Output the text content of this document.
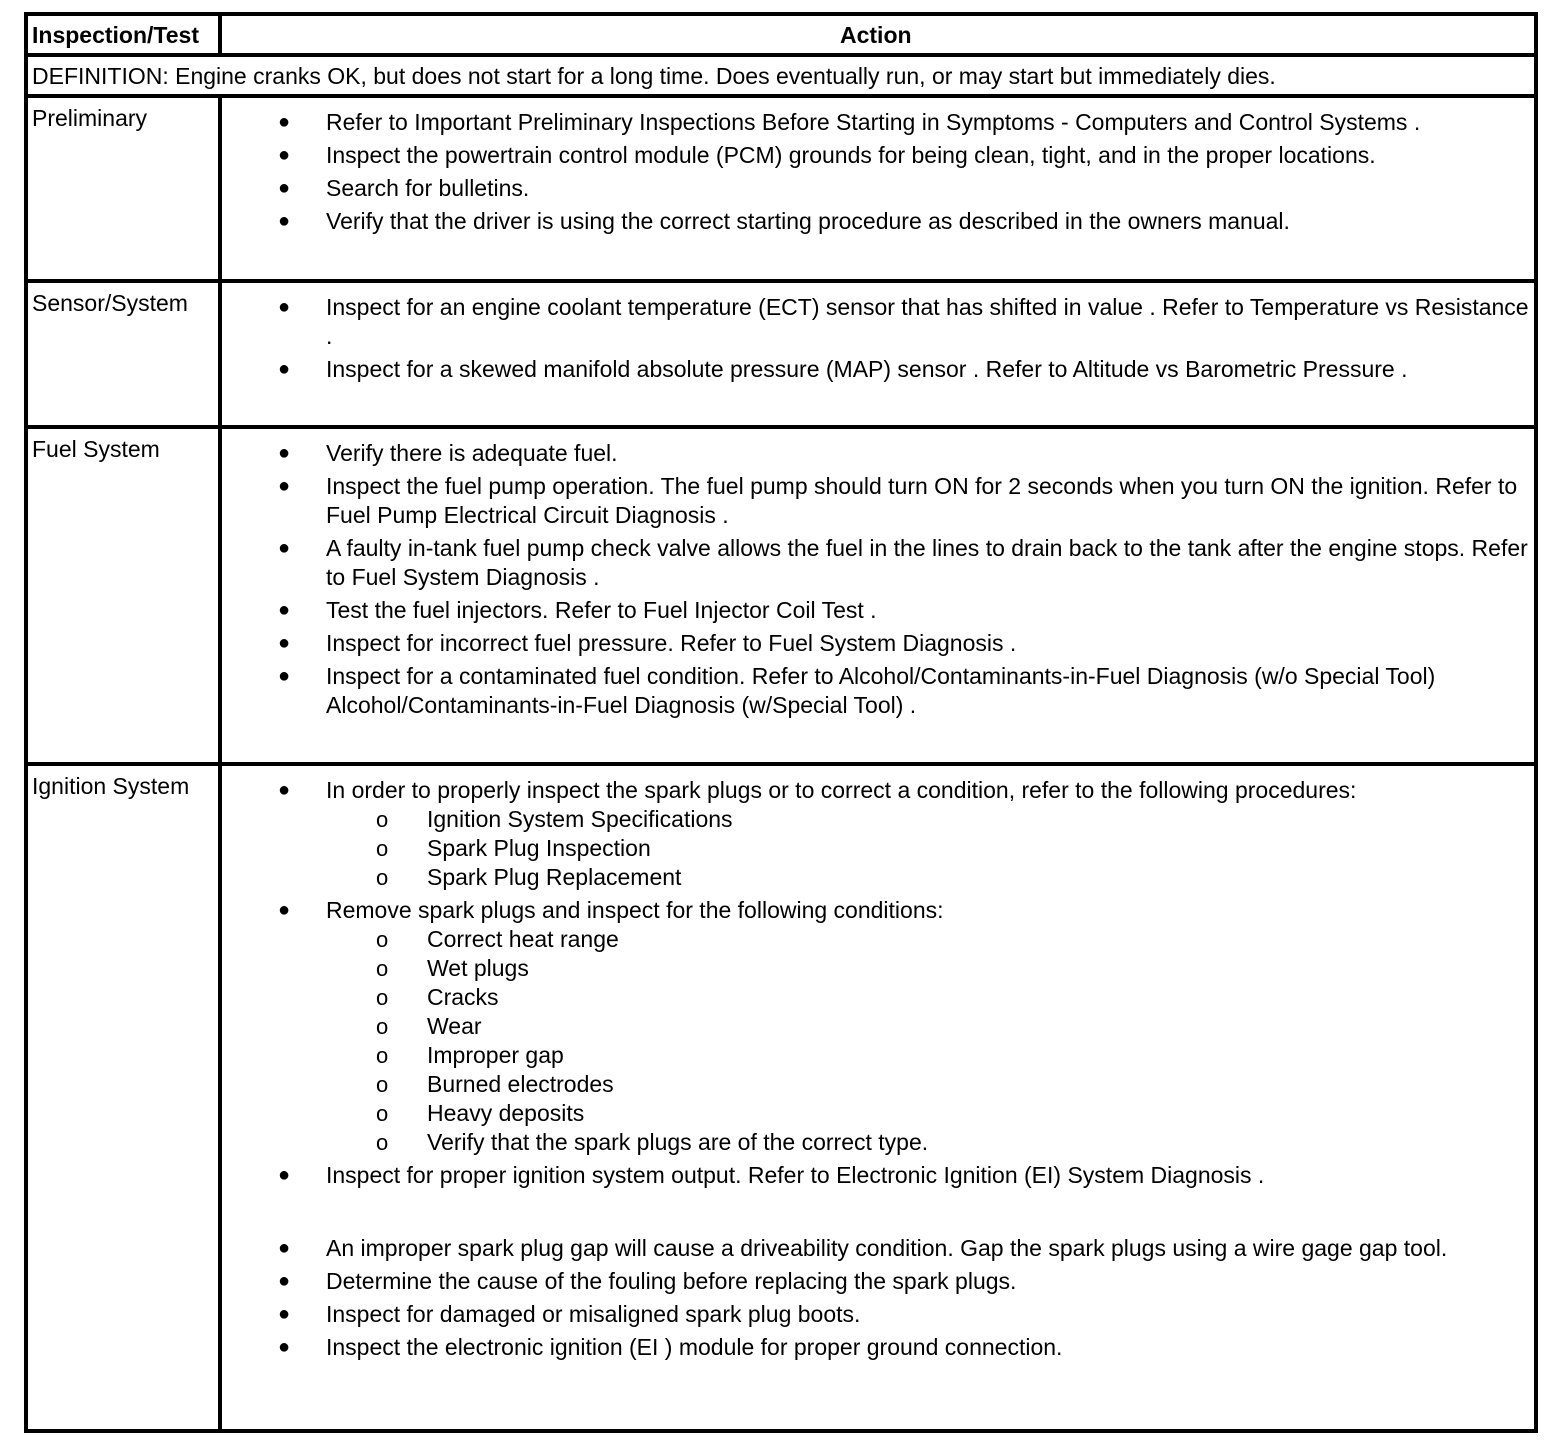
Inspection/Test	Action
DEFINITION: Engine cranks OK, but does not start for a long time. Does eventually run, or may start but immediately dies.
Preliminary	● Refer to Important Preliminary Inspections Before Starting in Symptoms - Computers and Control Systems .
● Inspect the powertrain control module (PCM) grounds for being clean, tight, and in the proper locations.
● Search for bulletins.
● Verify that the driver is using the correct starting procedure as described in the owners manual.
Sensor/System	● Inspect for an engine coolant temperature (ECT) sensor that has shifted in value . Refer to Temperature vs Resistance .
● Inspect for a skewed manifold absolute pressure (MAP) sensor . Refer to Altitude vs Barometric Pressure .
Fuel System	● Verify there is adequate fuel.
● Inspect the fuel pump operation. The fuel pump should turn ON for 2 seconds when you turn ON the ignition. Refer to Fuel Pump Electrical Circuit Diagnosis .
● A faulty in-tank fuel pump check valve allows the fuel in the lines to drain back to the tank after the engine stops. Refer to Fuel System Diagnosis .
● Test the fuel injectors. Refer to Fuel Injector Coil Test .
● Inspect for incorrect fuel pressure. Refer to Fuel System Diagnosis .
● Inspect for a contaminated fuel condition. Refer to Alcohol/Contaminants-in-Fuel Diagnosis (w/o Special Tool) Alcohol/Contaminants-in-Fuel Diagnosis (w/Special Tool) .
Ignition System	● In order to properly inspect the spark plugs or to correct a condition, refer to the following procedures:
o Ignition System Specifications
o Spark Plug Inspection
o Spark Plug Replacement
● Remove spark plugs and inspect for the following conditions:
o Correct heat range
o Wet plugs
o Cracks
o Wear
o Improper gap
o Burned electrodes
o Heavy deposits
o Verify that the spark plugs are of the correct type.
● Inspect for proper ignition system output. Refer to Electronic Ignition (EI) System Diagnosis .
● An improper spark plug gap will cause a driveability condition. Gap the spark plugs using a wire gage gap tool.
● Determine the cause of the fouling before replacing the spark plugs.
● Inspect for damaged or misaligned spark plug boots.
● Inspect the electronic ignition (EI ) module for proper ground connection.
